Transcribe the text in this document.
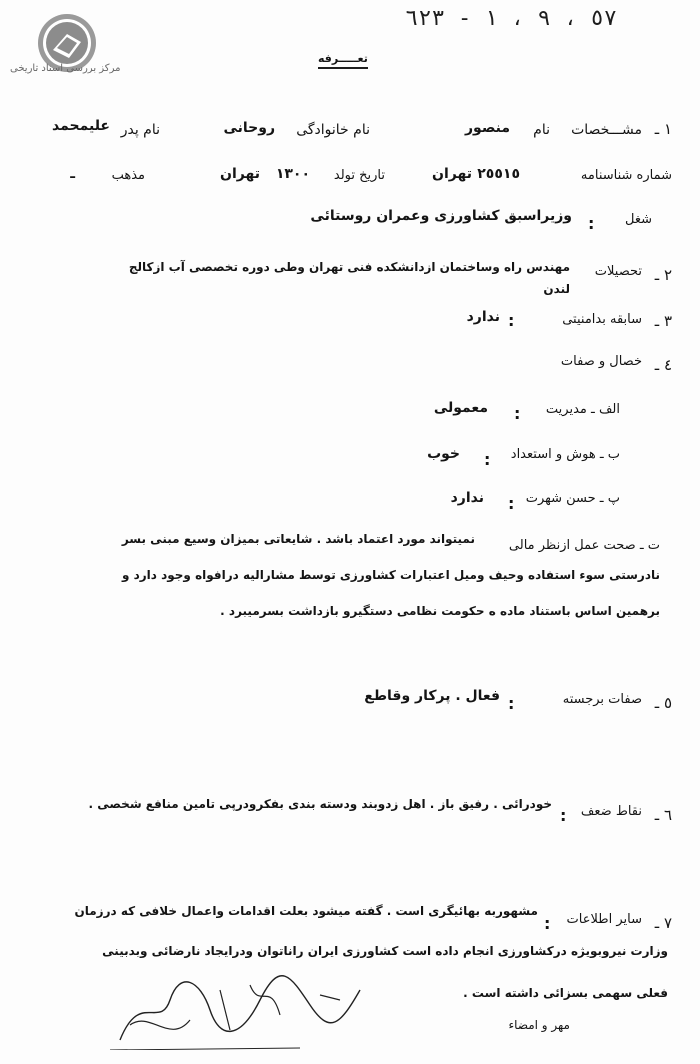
مرکز بررسی اسناد تاریخی
٥٧ ، ٩ ، ١ - ٦٢٣
تعـــــرفه
١ ـ
مشـــخصات
نام
منصور
نام خانوادگی
روحانی
نام پدر
علیمحمد
شماره شناسنامه
٢٥٥١٥
تهران
تاریخ تولد
١٣٠٠
تهران
مذهب
ـ
شغل
:
وزیراسبق کشاورزی وعمران روستائی
٢ ـ
تحصیلات
مهندس راه وساختمان ازدانشکده فنی تهران وطی دوره تخصصی آب ازکالج
لندن
٣ ـ
سابقه بدامنیتی
:
ندارد
٤ ـ
خصال و صفات
الف ـ مدیریت
:
معمولی
ب ـ هوش و استعداد
:
خوب
پ ـ حسن شهرت
:
ندارد
ت ـ صحت عمل ازنظر مالی
نمیتواند مورد اعتماد باشد . شایعاتی بمیزان وسیع مبنی بسر
نادرستی سوء استفاده وحیف ومیل اعتبارات کشاورزی توسط مشارالیه درافواه وجود دارد و
برهمین اساس باستناد ماده ه حکومت نظامی دستگیرو بازداشت بسرمیبرد .
٥ ـ
صفات برجسته
:
فعال . پرکار وقاطع
٦ ـ
نقاط ضعف
:
خودرائی . رفیق باز . اهل زدوبند ودسته بندی بفکرودرپی تامین منافع شخصی .
٧ ـ
سایر اطلاعات
:
مشهوربه بهائیگری است . گفته میشود بعلت اقدامات واعمال خلافی که درزمان
وزارت نیروبویژه درکشاورزی انجام داده است کشاورزی ایران راناتوان ودرایجاد نارضائی وبدبینی
فعلی سهمی بسزائی داشته است .
مهر و امضاء
